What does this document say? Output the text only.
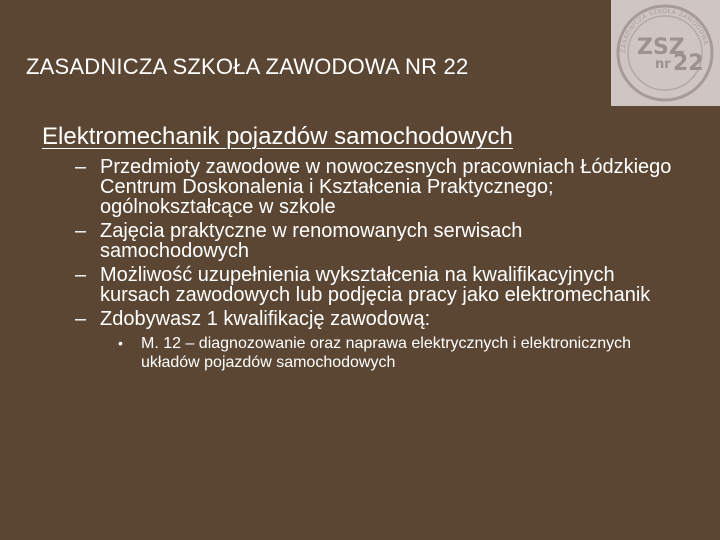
ZASADNICZA SZKOŁA ZAWODOWA NR 22
ZASADNICZA SZKOŁA ZAWODOWA
ZSZ
nr 22
Elektromechanik pojazdów samochodowych
– Przedmioty zawodowe w nowoczesnych pracowniach Łódzkiego Centrum Doskonalenia i Kształcenia Praktycznego; ogólnokształcące w szkole
– Zajęcia praktyczne w renomowanych serwisach samochodowych
– Możliwość uzupełnienia wykształcenia na kwalifikacyjnych kursach zawodowych lub podjęcia pracy jako elektromechanik
– Zdobywasz 1 kwalifikację zawodową:
• M. 12 – diagnozowanie oraz naprawa elektrycznych i elektronicznych układów pojazdów samochodowych
